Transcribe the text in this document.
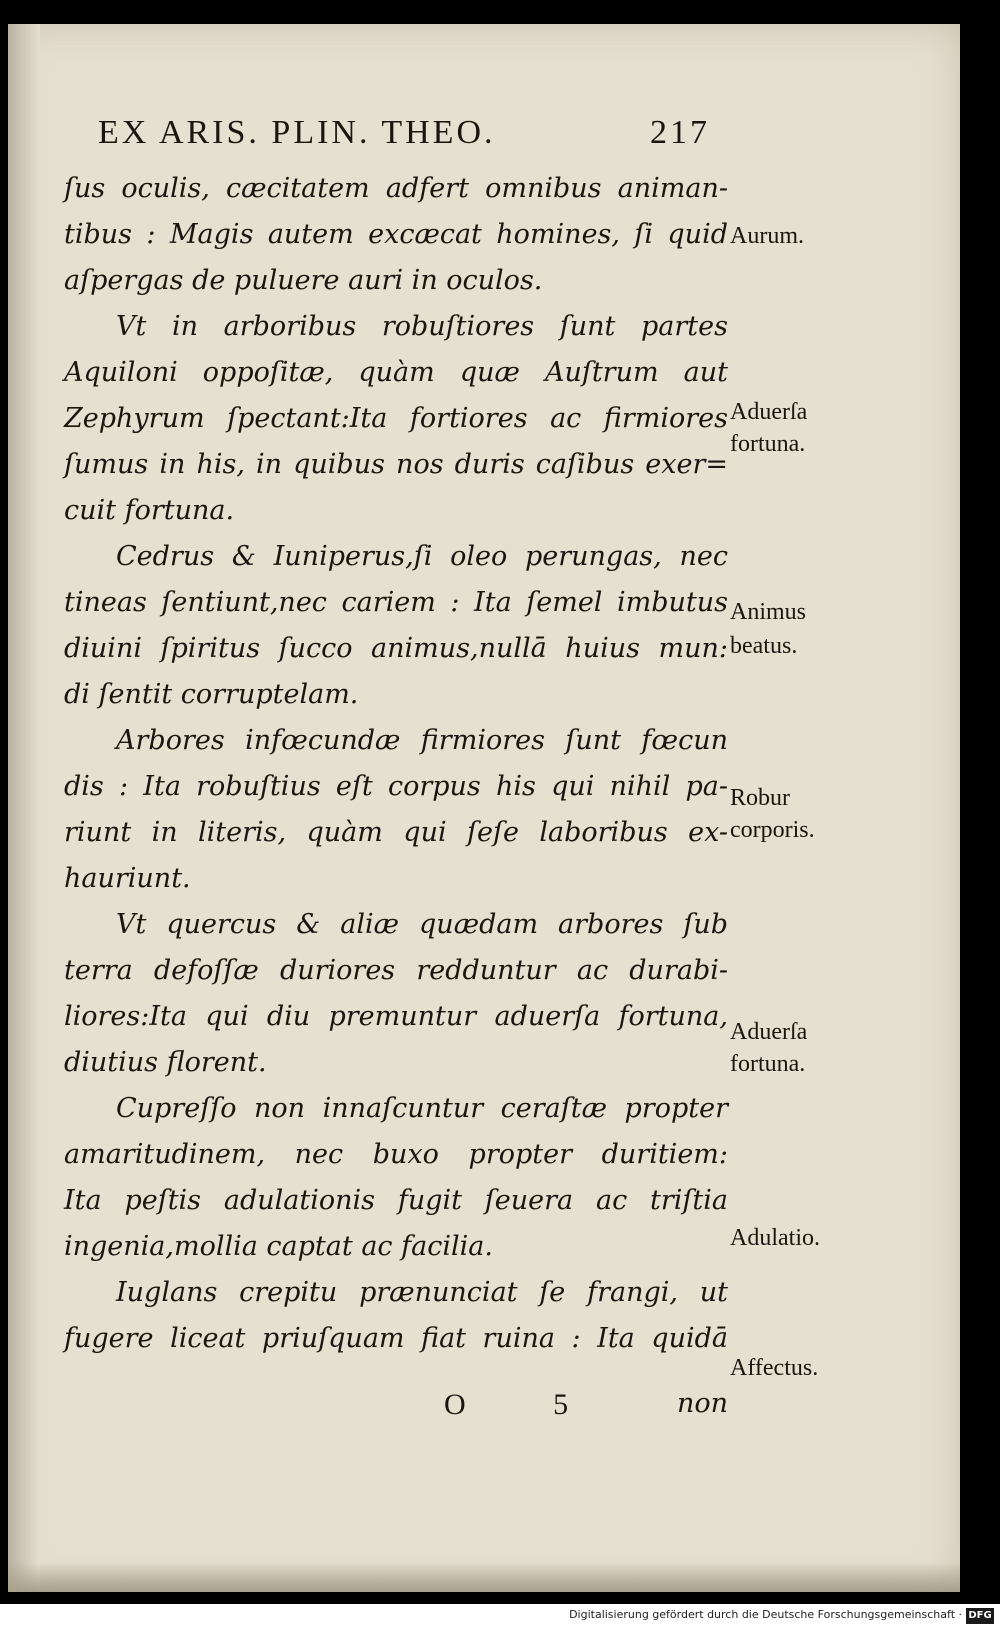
EX ARIS. PLIN. THEO.	217
ſus oculis, cæcitatem adfert omnibus animan-
tibus : Magis autem excæcat homines, ſi quid
aſpergas de puluere auri in oculos.
Vt in arboribus robuſtiores ſunt partes
Aquiloni oppoſitæ, quàm quæ Auſtrum aut
Zephyrum ſpectant:Ita fortiores ac firmiores
ſumus in his, in quibus nos duris caſibus exer=
cuit fortuna.
Cedrus & Iuniperus,ſi oleo perungas, nec
tineas ſentiunt,nec cariem : Ita ſemel imbutus
diuini ſpiritus ſucco animus,nullā huius mun:
di ſentit corruptelam.
Arbores infœcundæ firmiores ſunt fœcun
dis : Ita robuſtius eſt corpus his qui nihil pa-
riunt in literis, quàm qui ſeſe laboribus ex-
hauriunt.
Vt quercus & aliæ quædam arbores ſub
terra defoſſæ duriores redduntur ac durabi-
liores:Ita qui diu premuntur aduerſa fortuna,
diutius florent.
Cupreſſo non innaſcuntur ceraſtæ propter
amaritudinem, nec buxo propter duritiem:
Ita peſtis adulationis fugit ſeuera ac triſtia
ingenia,mollia captat ac facilia.
Iuglans crepitu prænunciat ſe frangi, ut
fugere liceat priuſquam fiat ruina : Ita quidā
Aurum.
Aduerſa
fortuna.
Animus
beatus.
Robur
corporis.
Aduerſa
fortuna.
Adulatio.
Affectus.
O 5	non
Digitalisierung gefördert durch die Deutsche Forschungsgemeinschaft · DFG
